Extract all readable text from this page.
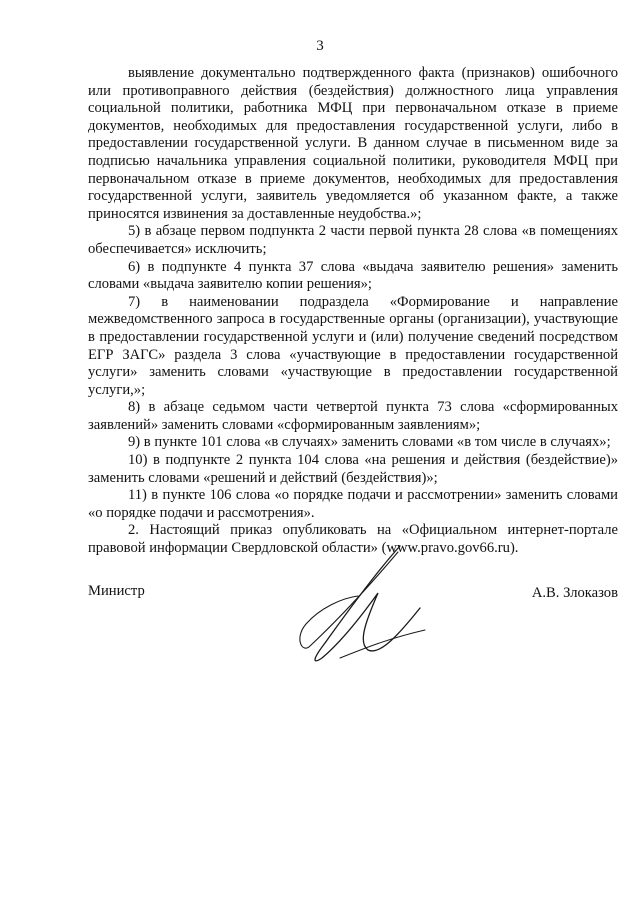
3

выявление документально подтвержденного факта (признаков) ошибочного или противоправного действия (бездействия) должностного лица управления социальной политики, работника МФЦ при первоначальном отказе в приеме документов, необходимых для предоставления государственной услуги, либо в предоставлении государственной услуги. В данном случае в письменном виде за подписью начальника управления социальной политики, руководителя МФЦ при первоначальном отказе в приеме документов, необходимых для предоставления государственной услуги, заявитель уведомляется об указанном факте, а также приносятся извинения за доставленные неудобства.»;

5) в абзаце первом подпункта 2 части первой пункта 28 слова «в помещениях обеспечивается» исключить;

6) в подпункте 4 пункта 37 слова «выдача заявителю решения» заменить словами «выдача заявителю копии решения»;

7) в наименовании подраздела «Формирование и направление межведомственного запроса в государственные органы (организации), участвующие в предоставлении государственной услуги и (или) получение сведений посредством ЕГР ЗАГС» раздела 3 слова «участвующие в предоставлении государственной услуги» заменить словами «участвующие в предоставлении государственной услуги,»;

8) в абзаце седьмом части четвертой пункта 73 слова «сформированных заявлений» заменить словами «сформированным заявлениям»;

9) в пункте 101 слова «в случаях» заменить словами «в том числе в случаях»;

10) в подпункте 2 пункта 104 слова «на решения и действия (бездействие)» заменить словами «решений и действий (бездействия)»;

11) в пункте 106 слова «о порядке подачи и рассмотрении» заменить словами «о порядке подачи и рассмотрения».

2. Настоящий приказ опубликовать на «Официальном интернет-портале правовой информации Свердловской области» (www.pravo.gov66.ru).

Министр	А.В. Злоказов
